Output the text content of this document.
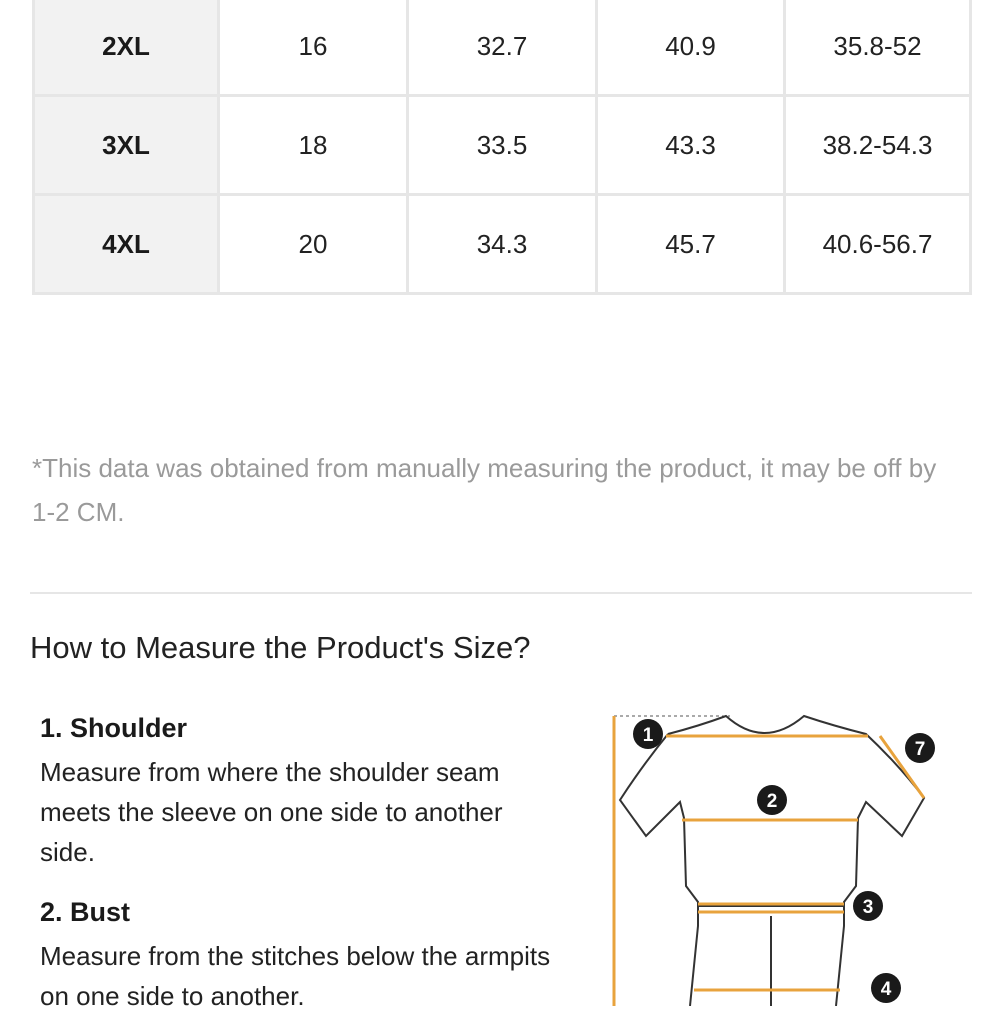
2XL	16	32.7	40.9	35.8-52
3XL	18	33.5	43.3	38.2-54.3
4XL	20	34.3	45.7	40.6-56.7
*This data was obtained from manually measuring the product, it may be off by 1-2 CM.
How to Measure the Product's Size?
1. Shoulder
Measure from where the shoulder seam meets the sleeve on one side to another side.
2. Bust
Measure from the stitches below the armpits on one side to another.
1
2
3
4
7
